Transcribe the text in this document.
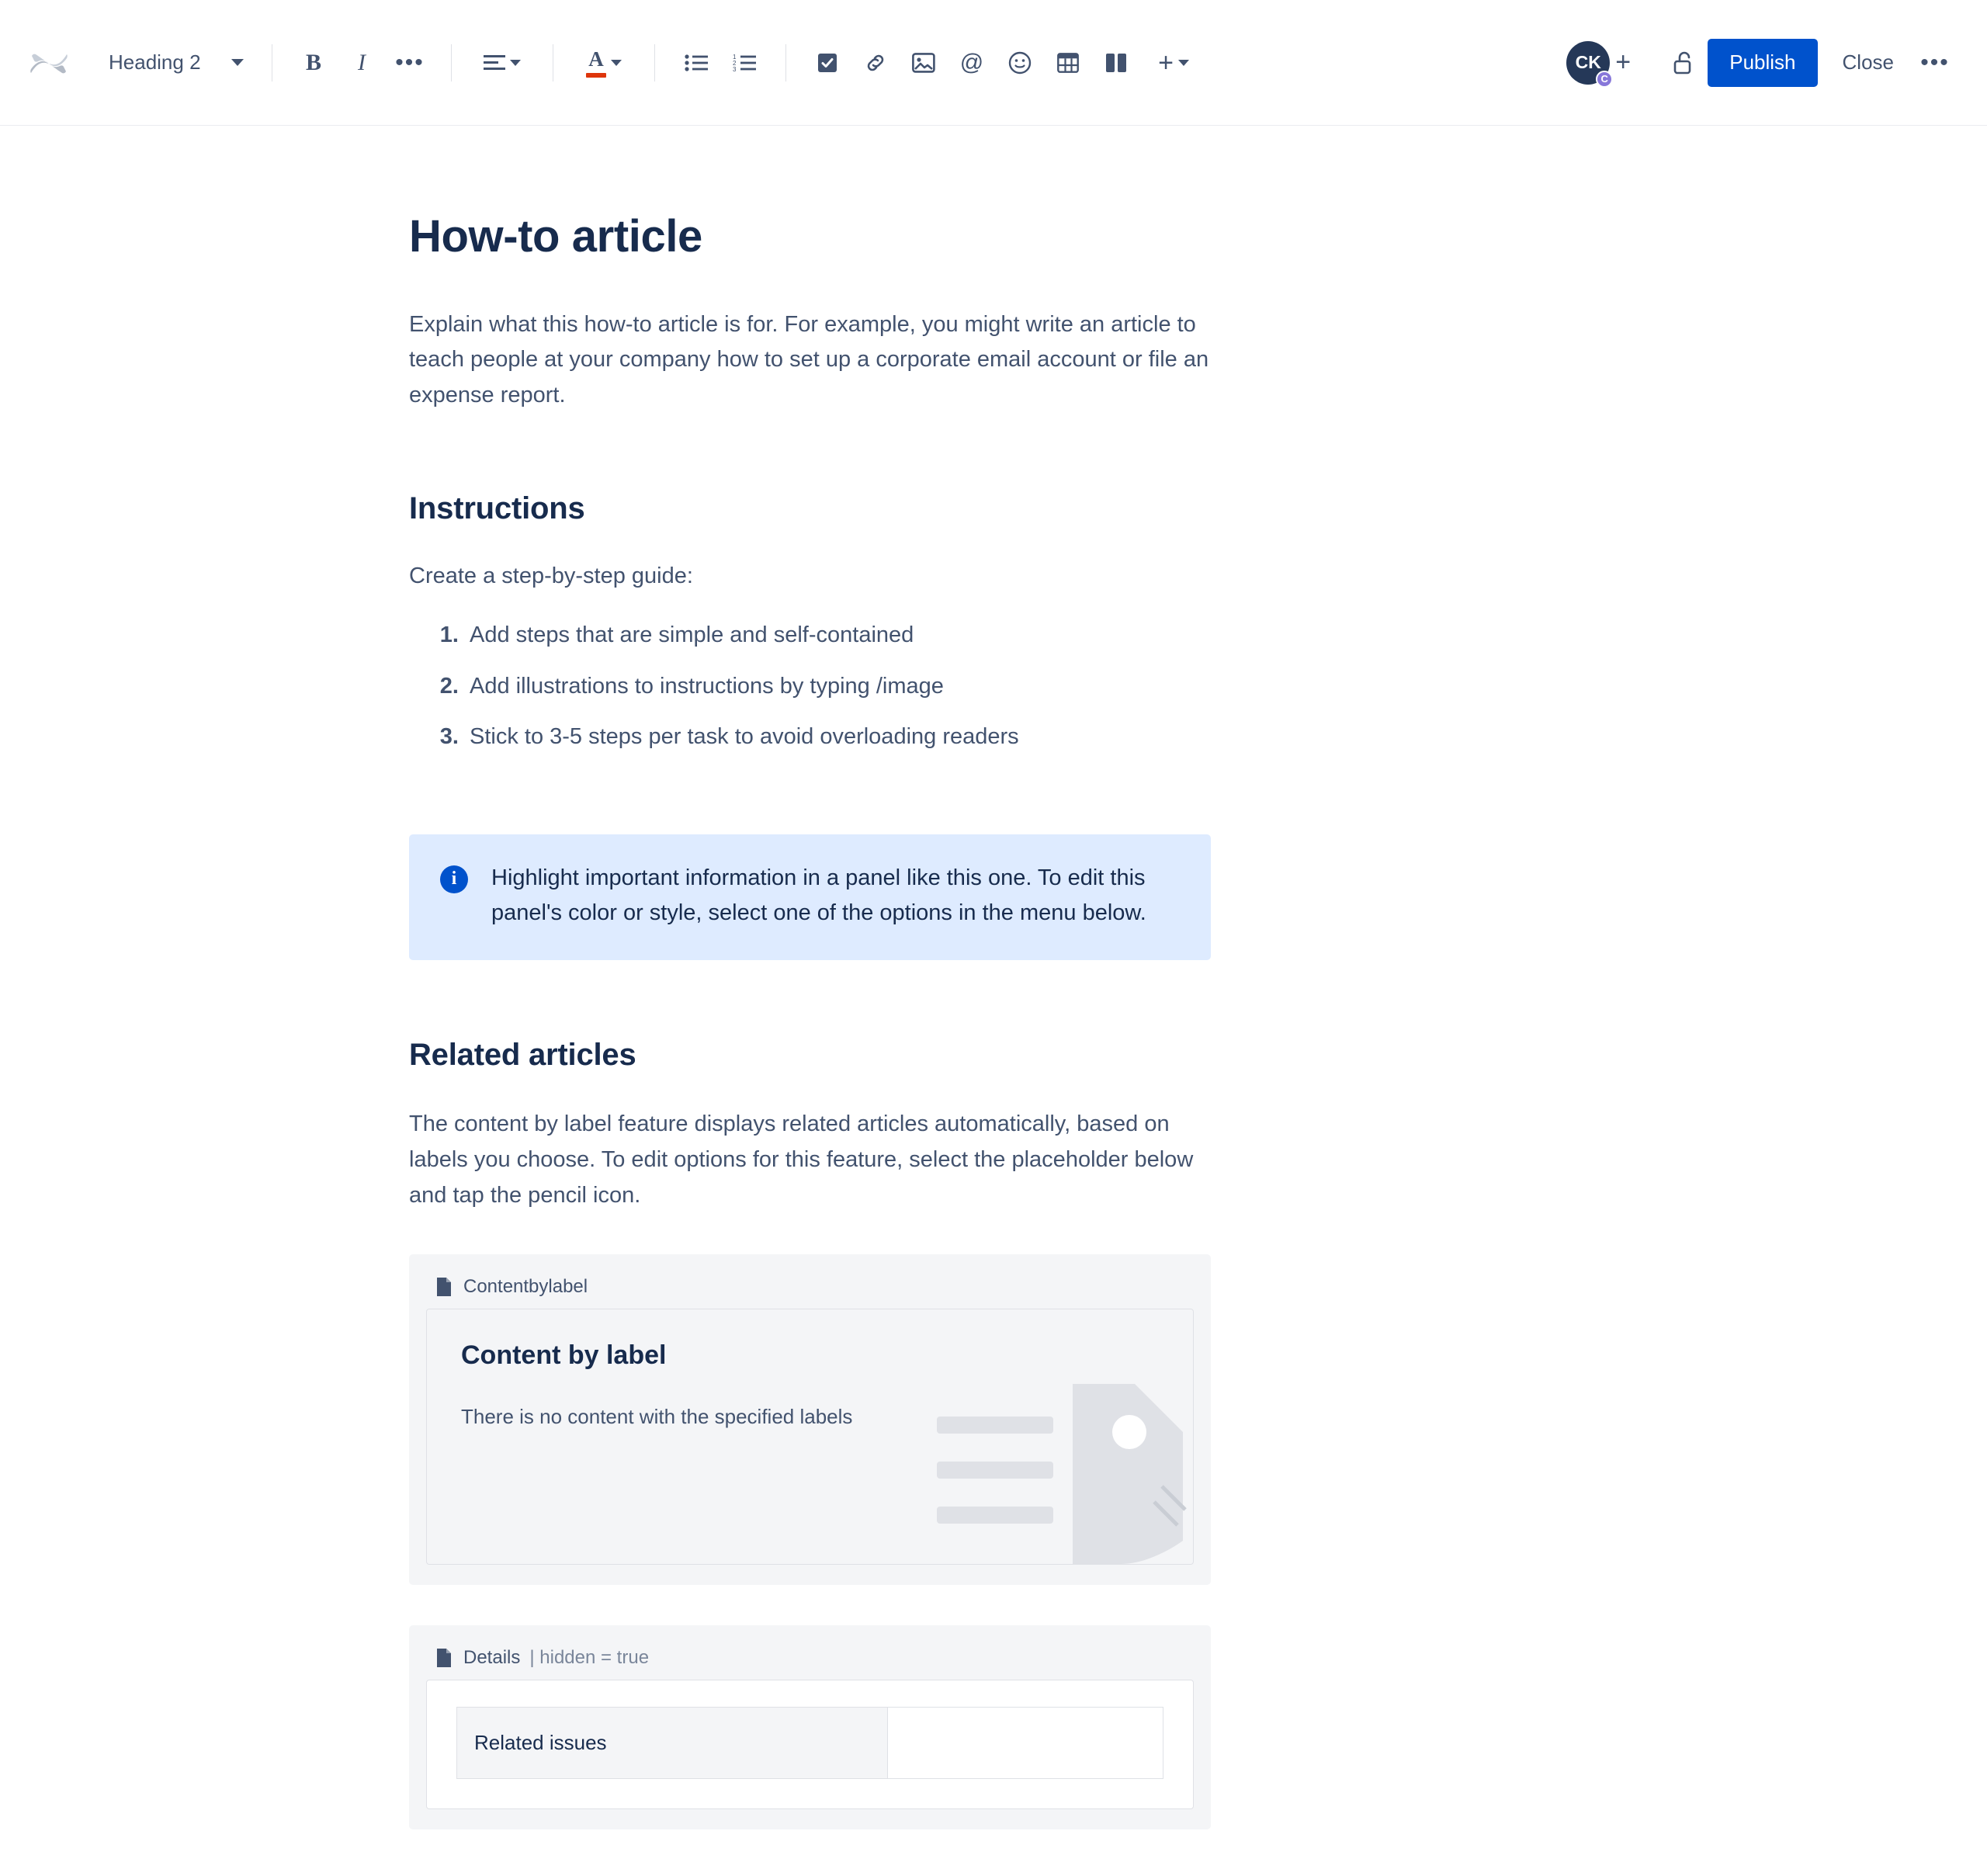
Heading 2	B I •••	A	1
2
3	@	+	CK
C
+	Publish	Close	•••
How-to article

Explain what this how-to article is for. For example, you might write an article to teach people at your company how to set up a corporate email account or file an expense report.

Instructions

Create a step-by-step guide:

1. Add steps that are simple and self-contained
2. Add illustrations to instructions by typing /image
3. Stick to 3-5 steps per task to avoid overloading readers
i	Highlight important information in a panel like this one. To edit this panel's color or style, select one of the options in the menu below.
Related articles

The content by label feature displays related articles automatically, based on labels you choose. To edit options for this feature, select the placeholder below and tap the pencil icon.

Contentbylabel
Content by label
There is no content with the specified labels
Details | hidden = true
Related issues	
